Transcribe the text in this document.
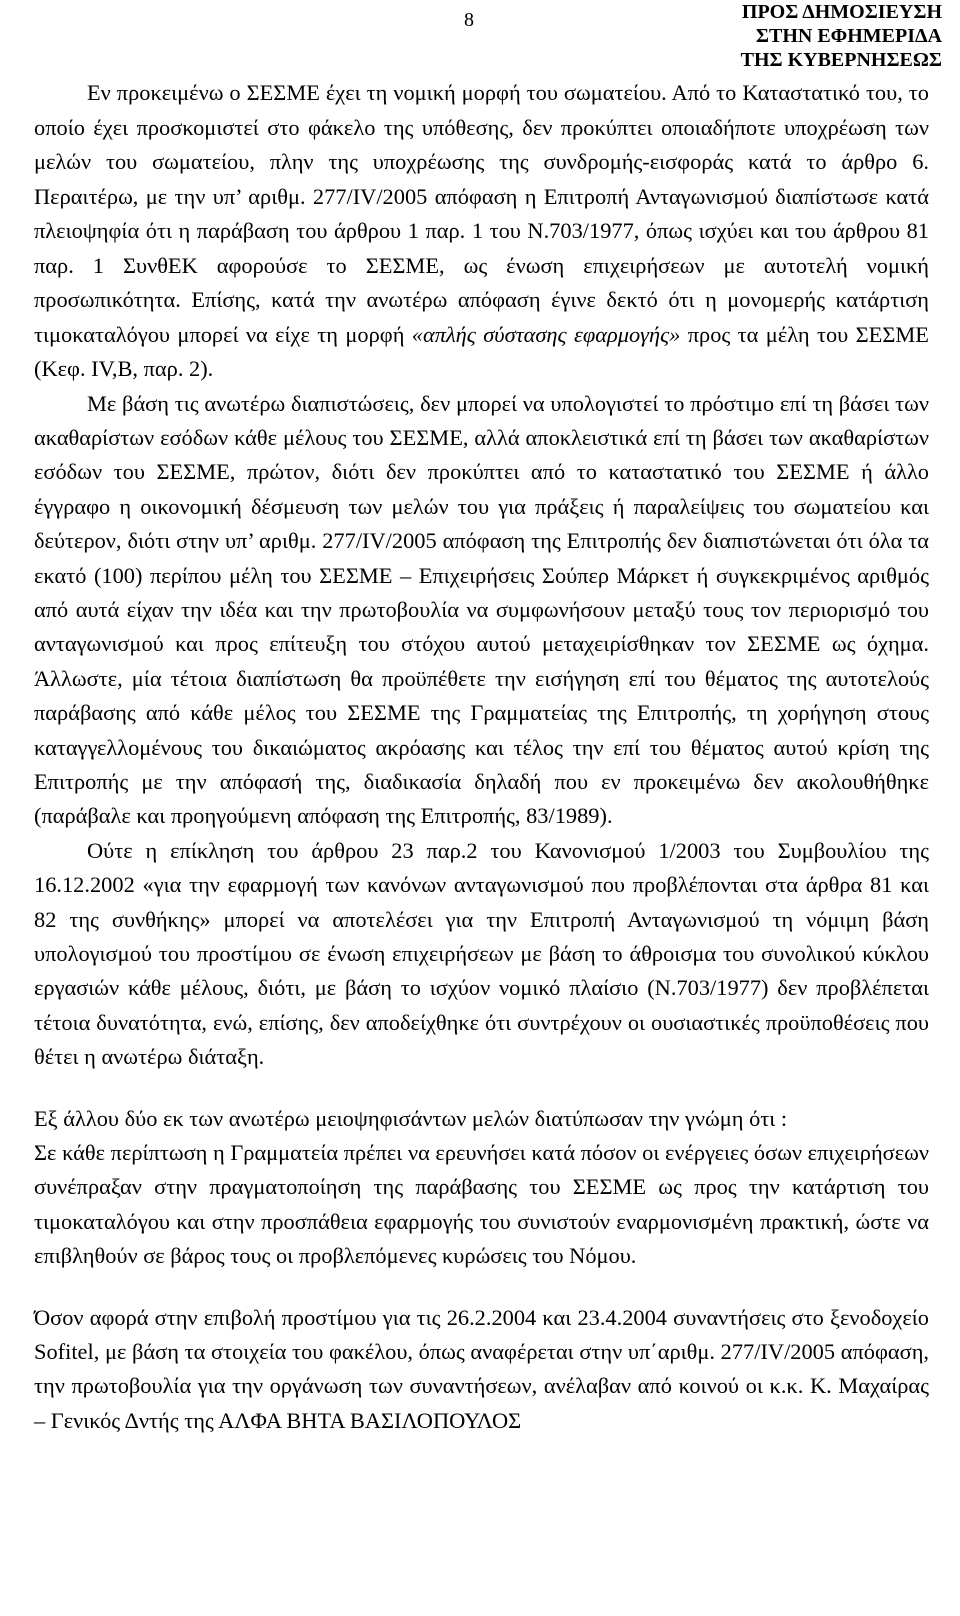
8	ΠΡΟΣ ΔΗΜΟΣΙΕΥΣΗ
ΣΤΗΝ ΕΦΗΜΕΡΙΔΑ
ΤΗΣ ΚΥΒΕΡΝΗΣΕΩΣ

Εν προκειμένω ο ΣΕΣΜΕ έχει τη νομική μορφή του σωματείου. Από το Καταστατικό του, το οποίο έχει προσκομιστεί στο φάκελο της υπόθεσης, δεν προκύπτει οποιαδήποτε υποχρέωση των μελών του σωματείου, πλην της υποχρέωσης της συνδρομής-εισφοράς κατά το άρθρο 6. Περαιτέρω, με την υπ’ αριθμ. 277/IV/2005 απόφαση η Επιτροπή Ανταγωνισμού διαπίστωσε κατά πλειοψηφία ότι η παράβαση του άρθρου 1 παρ. 1 του Ν.703/1977, όπως ισχύει και του άρθρου 81 παρ. 1 ΣυνθΕΚ αφορούσε το ΣΕΣΜΕ, ως ένωση επιχειρήσεων με αυτοτελή νομική προσωπικότητα. Επίσης, κατά την ανωτέρω απόφαση έγινε δεκτό ότι η μονομερής κατάρτιση τιμοκαταλόγου μπορεί να είχε τη μορφή «απλής σύστασης εφαρμογής» προς τα μέλη του ΣΕΣΜΕ (Κεφ. IV,Β, παρ. 2).

Με βάση τις ανωτέρω διαπιστώσεις, δεν μπορεί να υπολογιστεί το πρόστιμο επί τη βάσει των ακαθαρίστων εσόδων κάθε μέλους του ΣΕΣΜΕ, αλλά αποκλειστικά επί τη βάσει των ακαθαρίστων εσόδων του ΣΕΣΜΕ, πρώτον, διότι δεν προκύπτει από το καταστατικό του ΣΕΣΜΕ ή άλλο έγγραφο η οικονομική δέσμευση των μελών του για πράξεις ή παραλείψεις του σωματείου και δεύτερον, διότι στην υπ’ αριθμ. 277/IV/2005 απόφαση της Επιτροπής δεν διαπιστώνεται ότι όλα τα εκατό (100) περίπου μέλη του ΣΕΣΜΕ – Επιχειρήσεις Σούπερ Μάρκετ ή συγκεκριμένος αριθμός από αυτά είχαν την ιδέα και την πρωτοβουλία να συμφωνήσουν μεταξύ τους τον περιορισμό του ανταγωνισμού και προς επίτευξη του στόχου αυτού μεταχειρίσθηκαν τον ΣΕΣΜΕ ως όχημα. Άλλωστε, μία τέτοια διαπίστωση θα προϋπέθετε την εισήγηση επί του θέματος της αυτοτελούς παράβασης από κάθε μέλος του ΣΕΣΜΕ της Γραμματείας της Επιτροπής, τη χορήγηση στους καταγγελλομένους του δικαιώματος ακρόασης και τέλος την επί του θέματος αυτού κρίση της Επιτροπής με την απόφασή της, διαδικασία δηλαδή που εν προκειμένω δεν ακολουθήθηκε (παράβαλε και προηγούμενη απόφαση της Επιτροπής, 83/1989).

Ούτε η επίκληση του άρθρου 23 παρ.2 του Κανονισμού 1/2003 του Συμβουλίου της 16.12.2002 «για την εφαρμογή των κανόνων ανταγωνισμού που προβλέπονται στα άρθρα 81 και 82 της συνθήκης» μπορεί να αποτελέσει για την Επιτροπή Ανταγωνισμού τη νόμιμη βάση υπολογισμού του προστίμου σε ένωση επιχειρήσεων με βάση το άθροισμα του συνολικού κύκλου εργασιών κάθε μέλους, διότι, με βάση το ισχύον νομικό πλαίσιο (Ν.703/1977) δεν προβλέπεται τέτοια δυνατότητα, ενώ, επίσης, δεν αποδείχθηκε ότι συντρέχουν οι ουσιαστικές προϋποθέσεις που θέτει η ανωτέρω διάταξη.

Εξ άλλου δύο εκ των ανωτέρω μειοψηφισάντων μελών διατύπωσαν την γνώμη ότι :

Σε κάθε περίπτωση η Γραμματεία πρέπει να ερευνήσει κατά πόσον οι ενέργειες όσων επιχειρήσεων συνέπραξαν στην πραγματοποίηση της παράβασης του ΣΕΣΜΕ ως προς την κατάρτιση του τιμοκαταλόγου και στην προσπάθεια εφαρμογής του συνιστούν εναρμονισμένη πρακτική, ώστε να επιβληθούν σε βάρος τους οι προβλεπόμενες κυρώσεις του Νόμου.

Όσον αφορά στην επιβολή προστίμου για τις 26.2.2004 και 23.4.2004 συναντήσεις στο ξενοδοχείο Sofitel, με βάση τα στοιχεία του φακέλου, όπως αναφέρεται στην υπ΄αριθμ. 277/IV/2005 απόφαση, την πρωτοβουλία για την οργάνωση των συναντήσεων, ανέλαβαν από κοινού οι κ.κ. Κ. Μαχαίρας – Γενικός Δντής της ΑΛΦΑ ΒΗΤΑ ΒΑΣΙΛΟΠΟΥΛΟΣ
